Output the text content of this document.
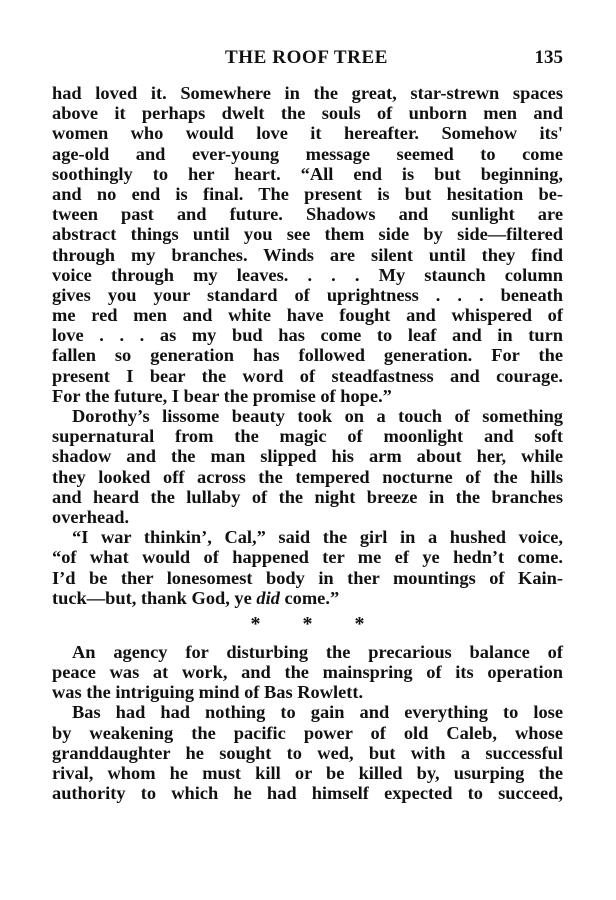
THE ROOF TREE	135
had loved it. Somewhere in the great, star-strewn spaces
above it perhaps dwelt the souls of unborn men and
women who would love it hereafter. Somehow its'
age-old and ever-young message seemed to come
soothingly to her heart. “All end is but beginning,
and no end is final. The present is but hesitation be-
tween past and future. Shadows and sunlight are
abstract things until you see them side by side—filtered
through my branches. Winds are silent until they find
voice through my leaves. . . . My staunch column
gives you your standard of uprightness . . . beneath
me red men and white have fought and whispered of
love . . . as my bud has come to leaf and in turn
fallen so generation has followed generation. For the
present I bear the word of steadfastness and courage.
For the future, I bear the promise of hope.”
Dorothy’s lissome beauty took on a touch of something
supernatural from the magic of moonlight and soft
shadow and the man slipped his arm about her, while
they looked off across the tempered nocturne of the hills
and heard the lullaby of the night breeze in the branches
overhead.
“I war thinkin’, Cal,” said the girl in a hushed voice,
“of what would of happened ter me ef ye hedn’t come.
I’d be ther lonesomest body in ther mountings of Kain-
tuck—but, thank God, ye did come.”
* * *
An agency for disturbing the precarious balance of
peace was at work, and the mainspring of its operation
was the intriguing mind of Bas Rowlett.
Bas had had nothing to gain and everything to lose
by weakening the pacific power of old Caleb, whose
granddaughter he sought to wed, but with a successful
rival, whom he must kill or be killed by, usurping the
authority to which he had himself expected to succeed,
